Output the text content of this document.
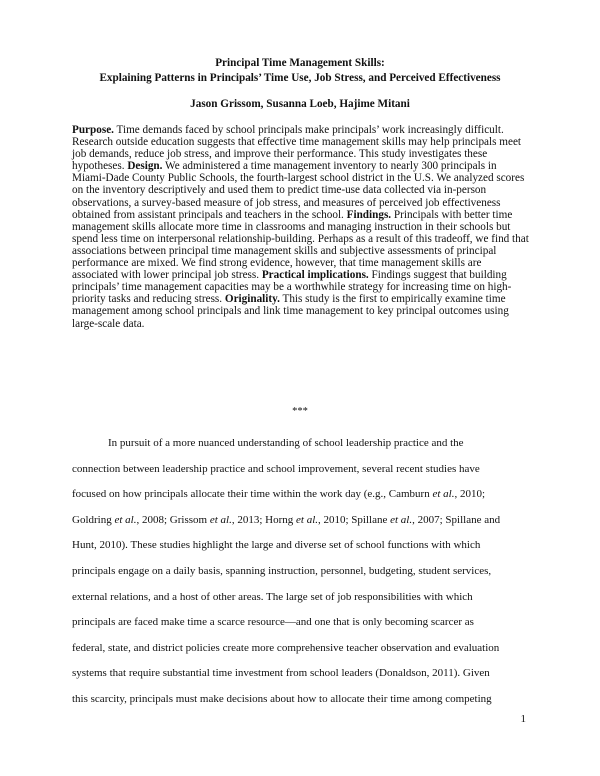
Principal Time Management Skills:
Explaining Patterns in Principals’ Time Use, Job Stress, and Perceived Effectiveness
Jason Grissom, Susanna Loeb, Hajime Mitani
Purpose. Time demands faced by school principals make principals’ work increasingly difficult. Research outside education suggests that effective time management skills may help principals meet job demands, reduce job stress, and improve their performance. This study investigates these hypotheses. Design. We administered a time management inventory to nearly 300 principals in Miami-Dade County Public Schools, the fourth-largest school district in the U.S. We analyzed scores on the inventory descriptively and used them to predict time-use data collected via in-person observations, a survey-based measure of job stress, and measures of perceived job effectiveness obtained from assistant principals and teachers in the school. Findings. Principals with better time management skills allocate more time in classrooms and managing instruction in their schools but spend less time on interpersonal relationship-building. Perhaps as a result of this tradeoff, we find that associations between principal time management skills and subjective assessments of principal performance are mixed. We find strong evidence, however, that time management skills are associated with lower principal job stress. Practical implications. Findings suggest that building principals’ time management capacities may be a worthwhile strategy for increasing time on high-priority tasks and reducing stress. Originality. This study is the first to empirically examine time management among school principals and link time management to key principal outcomes using large-scale data.
***
In pursuit of a more nuanced understanding of school leadership practice and the
connection between leadership practice and school improvement, several recent studies have
focused on how principals allocate their time within the work day (e.g., Camburn et al., 2010;
Goldring et al., 2008; Grissom et al., 2013; Horng et al., 2010; Spillane et al., 2007; Spillane and
Hunt, 2010). These studies highlight the large and diverse set of school functions with which
principals engage on a daily basis, spanning instruction, personnel, budgeting, student services,
external relations, and a host of other areas. The large set of job responsibilities with which
principals are faced make time a scarce resource—and one that is only becoming scarcer as
federal, state, and district policies create more comprehensive teacher observation and evaluation
systems that require substantial time investment from school leaders (Donaldson, 2011). Given
this scarcity, principals must make decisions about how to allocate their time among competing
1
